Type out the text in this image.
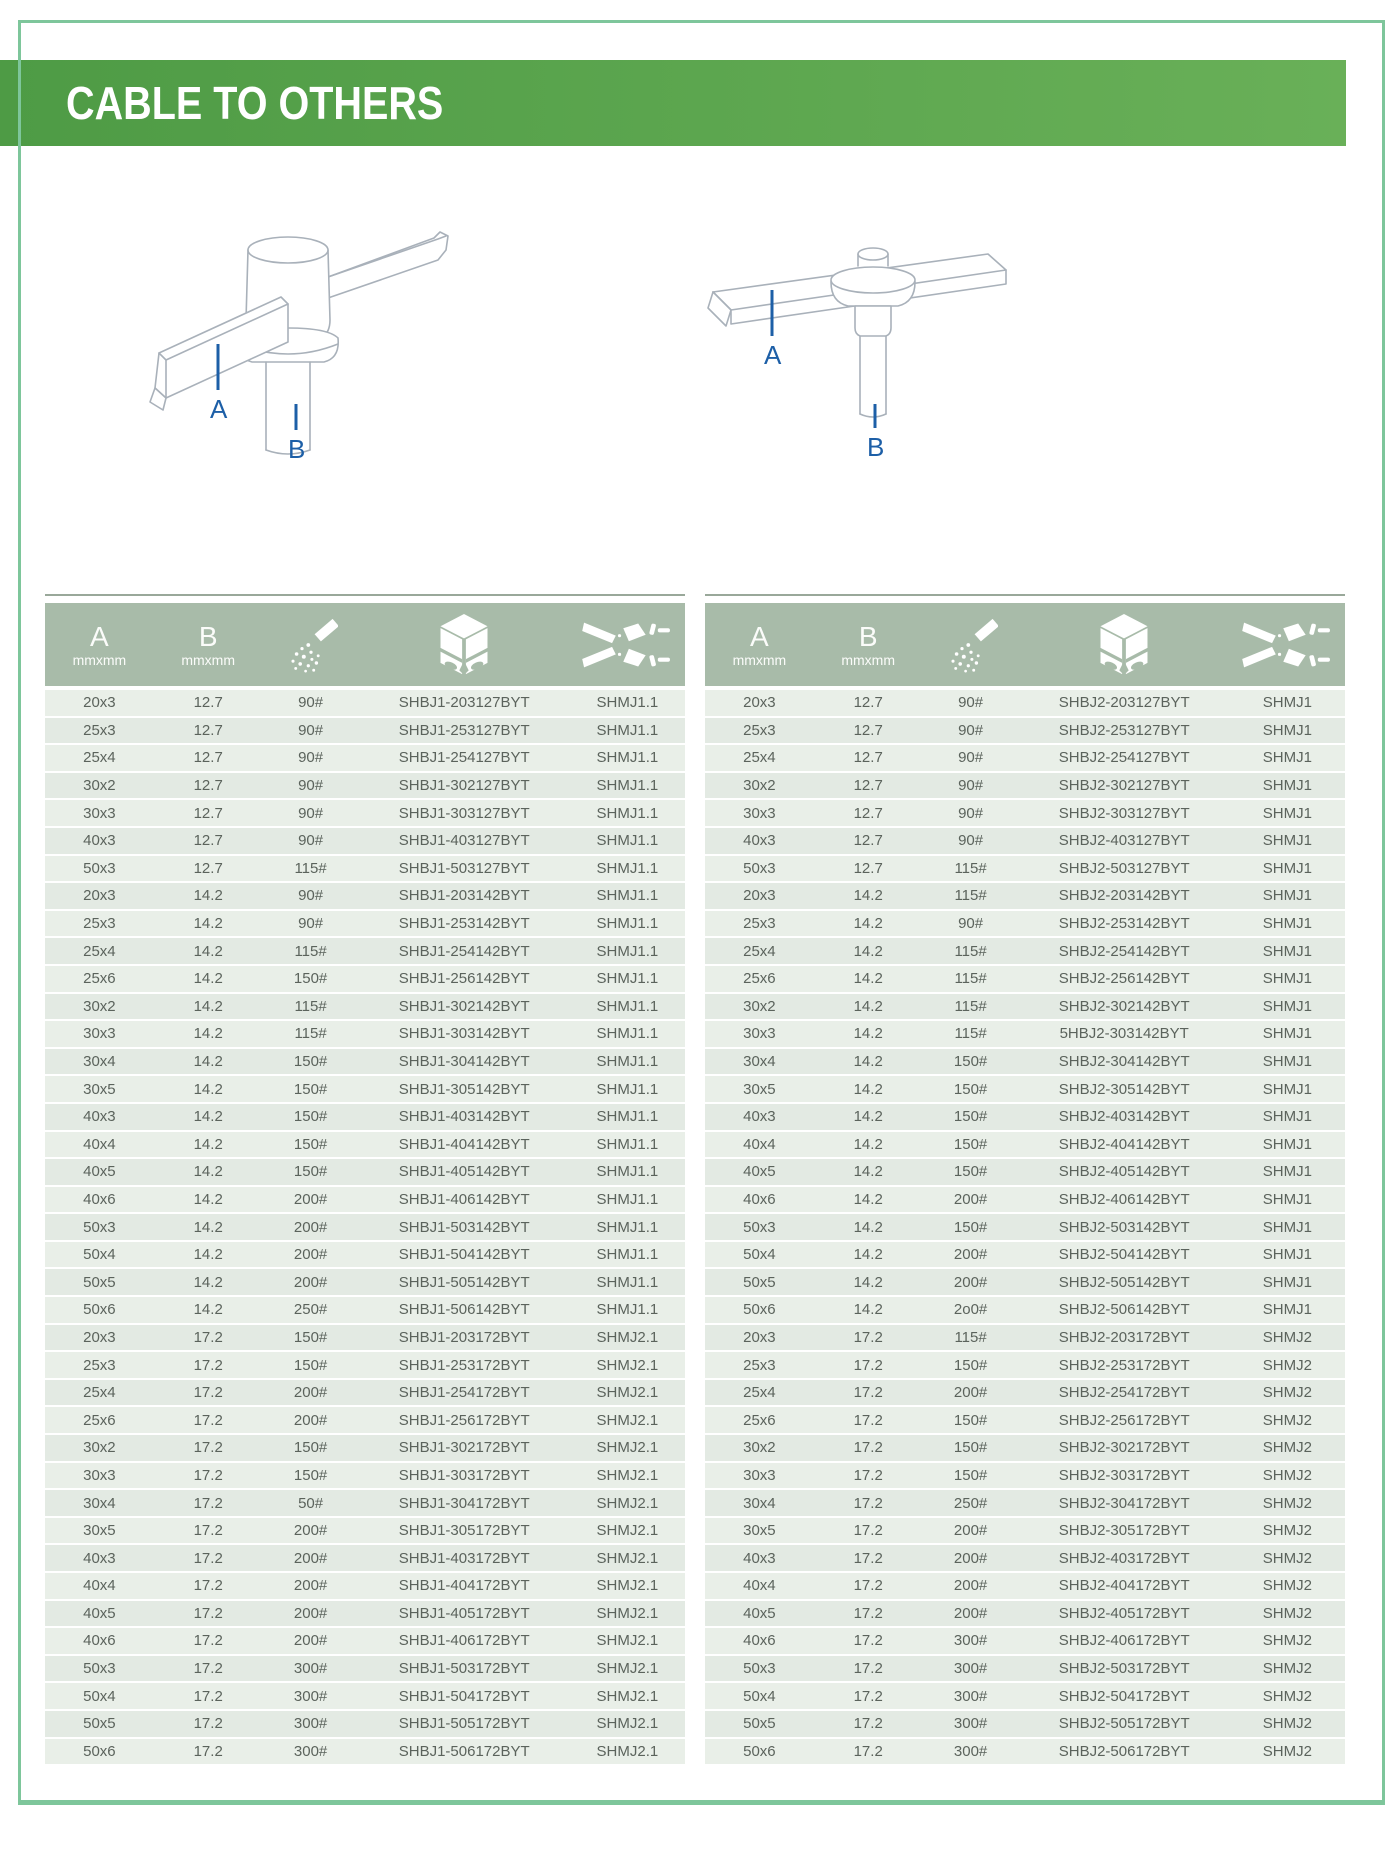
CABLE TO OTHERS
A
B
A
B
A
mmxmm
B
mmxmm
20x3	12.7	90#	SHBJ1-203127BYT	SHMJ1.1
25x3	12.7	90#	SHBJ1-253127BYT	SHMJ1.1
25x4	12.7	90#	SHBJ1-254127BYT	SHMJ1.1
30x2	12.7	90#	SHBJ1-302127BYT	SHMJ1.1
30x3	12.7	90#	SHBJ1-303127BYT	SHMJ1.1
40x3	12.7	90#	SHBJ1-403127BYT	SHMJ1.1
50x3	12.7	115#	SHBJ1-503127BYT	SHMJ1.1
20x3	14.2	90#	SHBJ1-203142BYT	SHMJ1.1
25x3	14.2	90#	SHBJ1-253142BYT	SHMJ1.1
25x4	14.2	115#	SHBJ1-254142BYT	SHMJ1.1
25x6	14.2	150#	SHBJ1-256142BYT	SHMJ1.1
30x2	14.2	115#	SHBJ1-302142BYT	SHMJ1.1
30x3	14.2	115#	SHBJ1-303142BYT	SHMJ1.1
30x4	14.2	150#	SHBJ1-304142BYT	SHMJ1.1
30x5	14.2	150#	SHBJ1-305142BYT	SHMJ1.1
40x3	14.2	150#	SHBJ1-403142BYT	SHMJ1.1
40x4	14.2	150#	SHBJ1-404142BYT	SHMJ1.1
40x5	14.2	150#	SHBJ1-405142BYT	SHMJ1.1
40x6	14.2	200#	SHBJ1-406142BYT	SHMJ1.1
50x3	14.2	200#	SHBJ1-503142BYT	SHMJ1.1
50x4	14.2	200#	SHBJ1-504142BYT	SHMJ1.1
50x5	14.2	200#	SHBJ1-505142BYT	SHMJ1.1
50x6	14.2	250#	SHBJ1-506142BYT	SHMJ1.1
20x3	17.2	150#	SHBJ1-203172BYT	SHMJ2.1
25x3	17.2	150#	SHBJ1-253172BYT	SHMJ2.1
25x4	17.2	200#	SHBJ1-254172BYT	SHMJ2.1
25x6	17.2	200#	SHBJ1-256172BYT	SHMJ2.1
30x2	17.2	150#	SHBJ1-302172BYT	SHMJ2.1
30x3	17.2	150#	SHBJ1-303172BYT	SHMJ2.1
30x4	17.2	50#	SHBJ1-304172BYT	SHMJ2.1
30x5	17.2	200#	SHBJ1-305172BYT	SHMJ2.1
40x3	17.2	200#	SHBJ1-403172BYT	SHMJ2.1
40x4	17.2	200#	SHBJ1-404172BYT	SHMJ2.1
40x5	17.2	200#	SHBJ1-405172BYT	SHMJ2.1
40x6	17.2	200#	SHBJ1-406172BYT	SHMJ2.1
50x3	17.2	300#	SHBJ1-503172BYT	SHMJ2.1
50x4	17.2	300#	SHBJ1-504172BYT	SHMJ2.1
50x5	17.2	300#	SHBJ1-505172BYT	SHMJ2.1
50x6	17.2	300#	SHBJ1-506172BYT	SHMJ2.1
A
mmxmm
B
mmxmm
20x3	12.7	90#	SHBJ2-203127BYT	SHMJ1
25x3	12.7	90#	SHBJ2-253127BYT	SHMJ1
25x4	12.7	90#	SHBJ2-254127BYT	SHMJ1
30x2	12.7	90#	SHBJ2-302127BYT	SHMJ1
30x3	12.7	90#	SHBJ2-303127BYT	SHMJ1
40x3	12.7	90#	SHBJ2-403127BYT	SHMJ1
50x3	12.7	115#	SHBJ2-503127BYT	SHMJ1
20x3	14.2	115#	SHBJ2-203142BYT	SHMJ1
25x3	14.2	90#	SHBJ2-253142BYT	SHMJ1
25x4	14.2	115#	SHBJ2-254142BYT	SHMJ1
25x6	14.2	115#	SHBJ2-256142BYT	SHMJ1
30x2	14.2	115#	SHBJ2-302142BYT	SHMJ1
30x3	14.2	115#	5HBJ2-303142BYT	SHMJ1
30x4	14.2	150#	SHBJ2-304142BYT	SHMJ1
30x5	14.2	150#	SHBJ2-305142BYT	SHMJ1
40x3	14.2	150#	SHBJ2-403142BYT	SHMJ1
40x4	14.2	150#	SHBJ2-404142BYT	SHMJ1
40x5	14.2	150#	SHBJ2-405142BYT	SHMJ1
40x6	14.2	200#	SHBJ2-406142BYT	SHMJ1
50x3	14.2	150#	SHBJ2-503142BYT	SHMJ1
50x4	14.2	200#	SHBJ2-504142BYT	SHMJ1
50x5	14.2	200#	SHBJ2-505142BYT	SHMJ1
50x6	14.2	2o0#	SHBJ2-506142BYT	SHMJ1
20x3	17.2	115#	SHBJ2-203172BYT	SHMJ2
25x3	17.2	150#	SHBJ2-253172BYT	SHMJ2
25x4	17.2	200#	SHBJ2-254172BYT	SHMJ2
25x6	17.2	150#	SHBJ2-256172BYT	SHMJ2
30x2	17.2	150#	SHBJ2-302172BYT	SHMJ2
30x3	17.2	150#	SHBJ2-303172BYT	SHMJ2
30x4	17.2	250#	SHBJ2-304172BYT	SHMJ2
30x5	17.2	200#	SHBJ2-305172BYT	SHMJ2
40x3	17.2	200#	SHBJ2-403172BYT	SHMJ2
40x4	17.2	200#	SHBJ2-404172BYT	SHMJ2
40x5	17.2	200#	SHBJ2-405172BYT	SHMJ2
40x6	17.2	300#	SHBJ2-406172BYT	SHMJ2
50x3	17.2	300#	SHBJ2-503172BYT	SHMJ2
50x4	17.2	300#	SHBJ2-504172BYT	SHMJ2
50x5	17.2	300#	SHBJ2-505172BYT	SHMJ2
50x6	17.2	300#	SHBJ2-506172BYT	SHMJ2
